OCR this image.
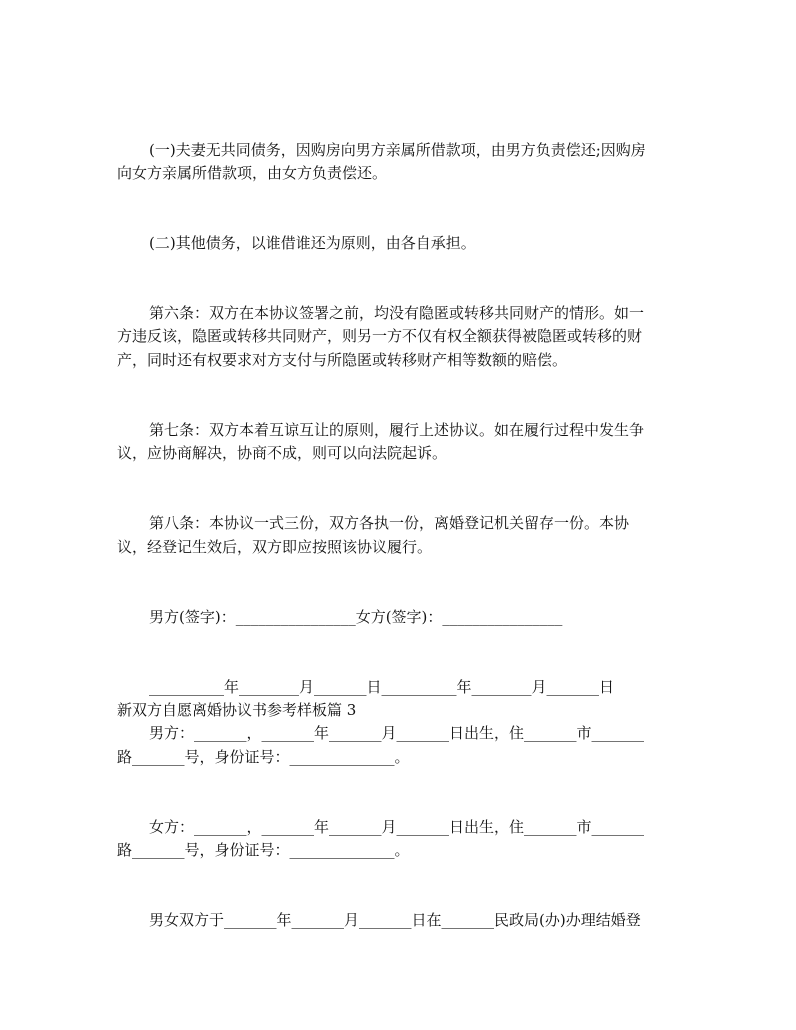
(一)夫妻无共同债务，因购房向男方亲属所借款项，由男方负责偿还;因购房
向女方亲属所借款项，由女方负责偿还。
(二)其他债务，以谁借谁还为原则，由各自承担。
第六条：双方在本协议签署之前，均没有隐匿或转移共同财产的情形。如一
方违反该，隐匿或转移共同财产，则另一方不仅有权全额获得被隐匿或转移的财
产，同时还有权要求对方支付与所隐匿或转移财产相等数额的赔偿。
第七条：双方本着互谅互让的原则，履行上述协议。如在履行过程中发生争
议，应协商解决，协商不成，则可以向法院起诉。
第八条：本协议一式三份，双方各执一份，离婚登记机关留存一份。本协
议，经登记生效后，双方即应按照该协议履行。
男方(签字)：________________女方(签字)：________________
__________年________月_______日__________年________月_______日
新双方自愿离婚协议书参考样板篇 3
男方：_______，_______年_______月_______日出生，住_______市_______
路_______号，身份证号：______________。
女方：_______，_______年_______月_______日出生，住_______市_______
路_______号，身份证号：______________。
男女双方于_______年_______月_______日在_______民政局(办)办理结婚登
